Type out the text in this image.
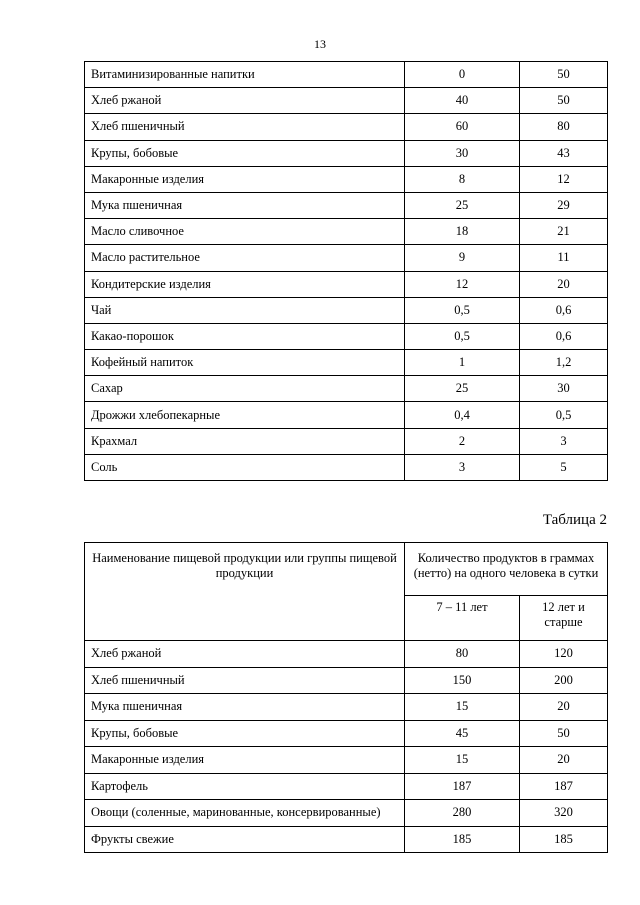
13
Витаминизированные напитки	0	50
Хлеб ржаной	40	50
Хлеб пшеничный	60	80
Крупы, бобовые	30	43
Макаронные изделия	8	12
Мука пшеничная	25	29
Масло сливочное	18	21
Масло растительное	9	11
Кондитерские изделия	12	20
Чай	0,5	0,6
Какао-порошок	0,5	0,6
Кофейный напиток	1	1,2
Сахар	25	30
Дрожжи хлебопекарные	0,4	0,5
Крахмал	2	3
Соль	3	5
Таблица 2
Наименование пищевой продукции или группы пищевой продукции	Количество продуктов в граммах (нетто) на одного человека в сутки	
	7 – 11 лет	12 лет и старше
Хлеб ржаной	80	120
Хлеб пшеничный	150	200
Мука пшеничная	15	20
Крупы, бобовые	45	50
Макаронные изделия	15	20
Картофель	187	187
Овощи (соленные, маринованные, консервированные)	280	320
Фрукты свежие	185	185
